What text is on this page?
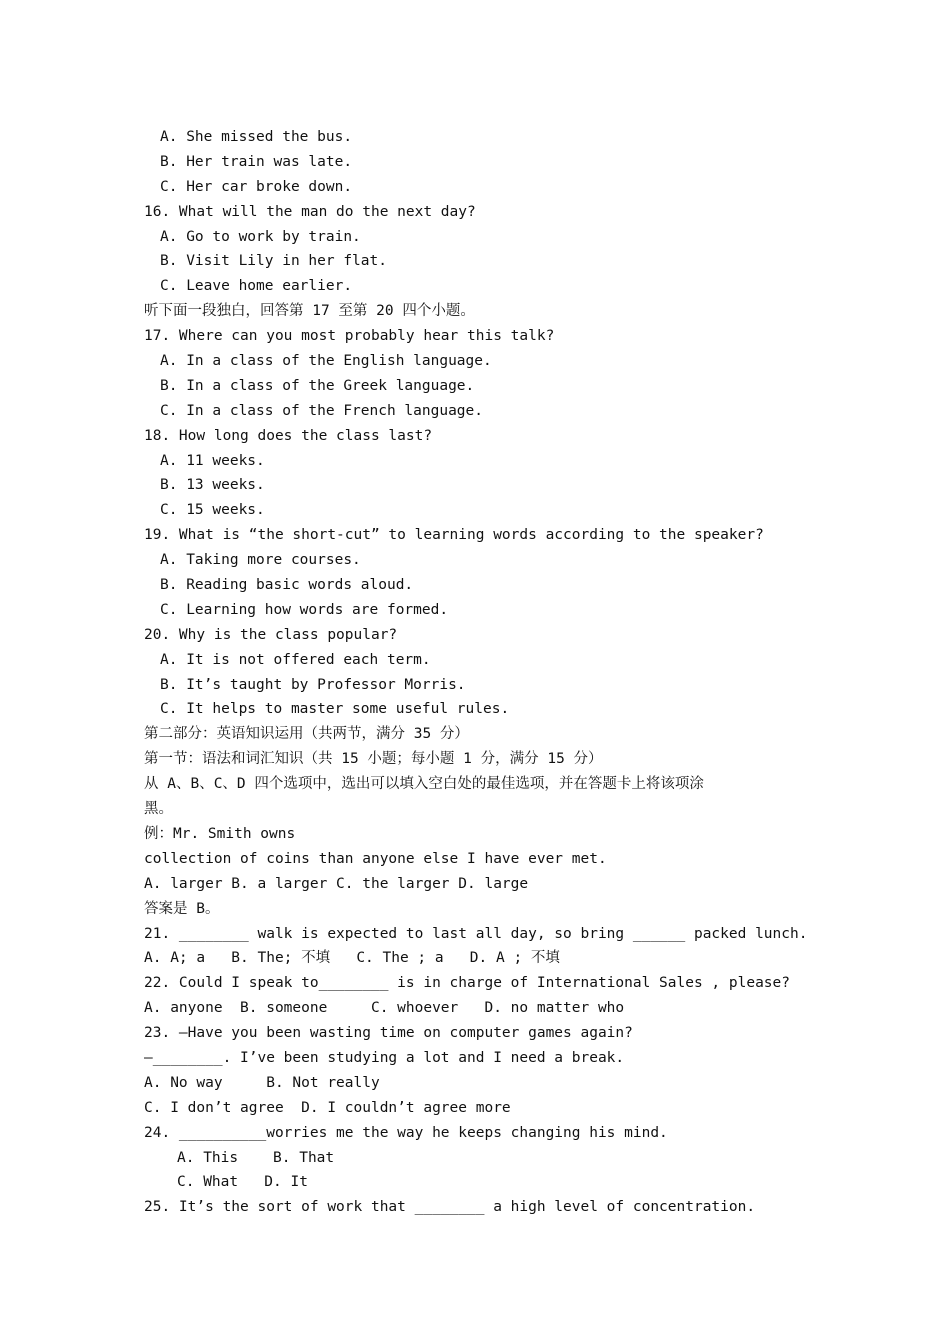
A. She missed the bus.
B. Her train was late.
C. Her car broke down.
16. What will the man do the next day?
A. Go to work by train.
B. Visit Lily in her flat.
C. Leave home earlier.
听下面一段独白，回答第 17 至第 20 四个小题。
17. Where can you most probably hear this talk?
A. In a class of the English language.
B. In a class of the Greek language.
C. In a class of the French language.
18. How long does the class last?
A. 11 weeks.
B. 13 weeks.
C. 15 weeks.
19. What is “the short-cut” to learning words according to the speaker?
A. Taking more courses.
B. Reading basic words aloud.
C. Learning how words are formed.
20. Why is the class popular?
A. It is not offered each term.
B. It’s taught by Professor Morris.
C. It helps to master some useful rules.
第二部分：英语知识运用（共两节，满分 35 分）
第一节：语法和词汇知识（共 15 小题；每小题 1 分，满分 15 分）
从 A、B、C、D 四个选项中，选出可以填入空白处的最佳选项，并在答题卡上将该项涂
黑。
例：Mr. Smith owns
collection of coins than anyone else I have ever met.
A. larger B. a larger C. the larger D. large
答案是 B。
21. ________ walk is expected to last all day, so bring ______ packed lunch.
A. A; a   B. The; 不填   C. The ; a   D. A ; 不填
22. Could I speak to________ is in charge of International Sales , please?
A. anyone  B. someone     C. whoever   D. no matter who
23. —Have you been wasting time on computer games again?
—________. I’ve been studying a lot and I need a break.
A. No way     B. Not really
C. I don’t agree  D. I couldn’t agree more
24. __________worries me the way he keeps changing his mind.
A. This    B. That
C. What   D. It
25. It’s the sort of work that ________ a high level of concentration.
